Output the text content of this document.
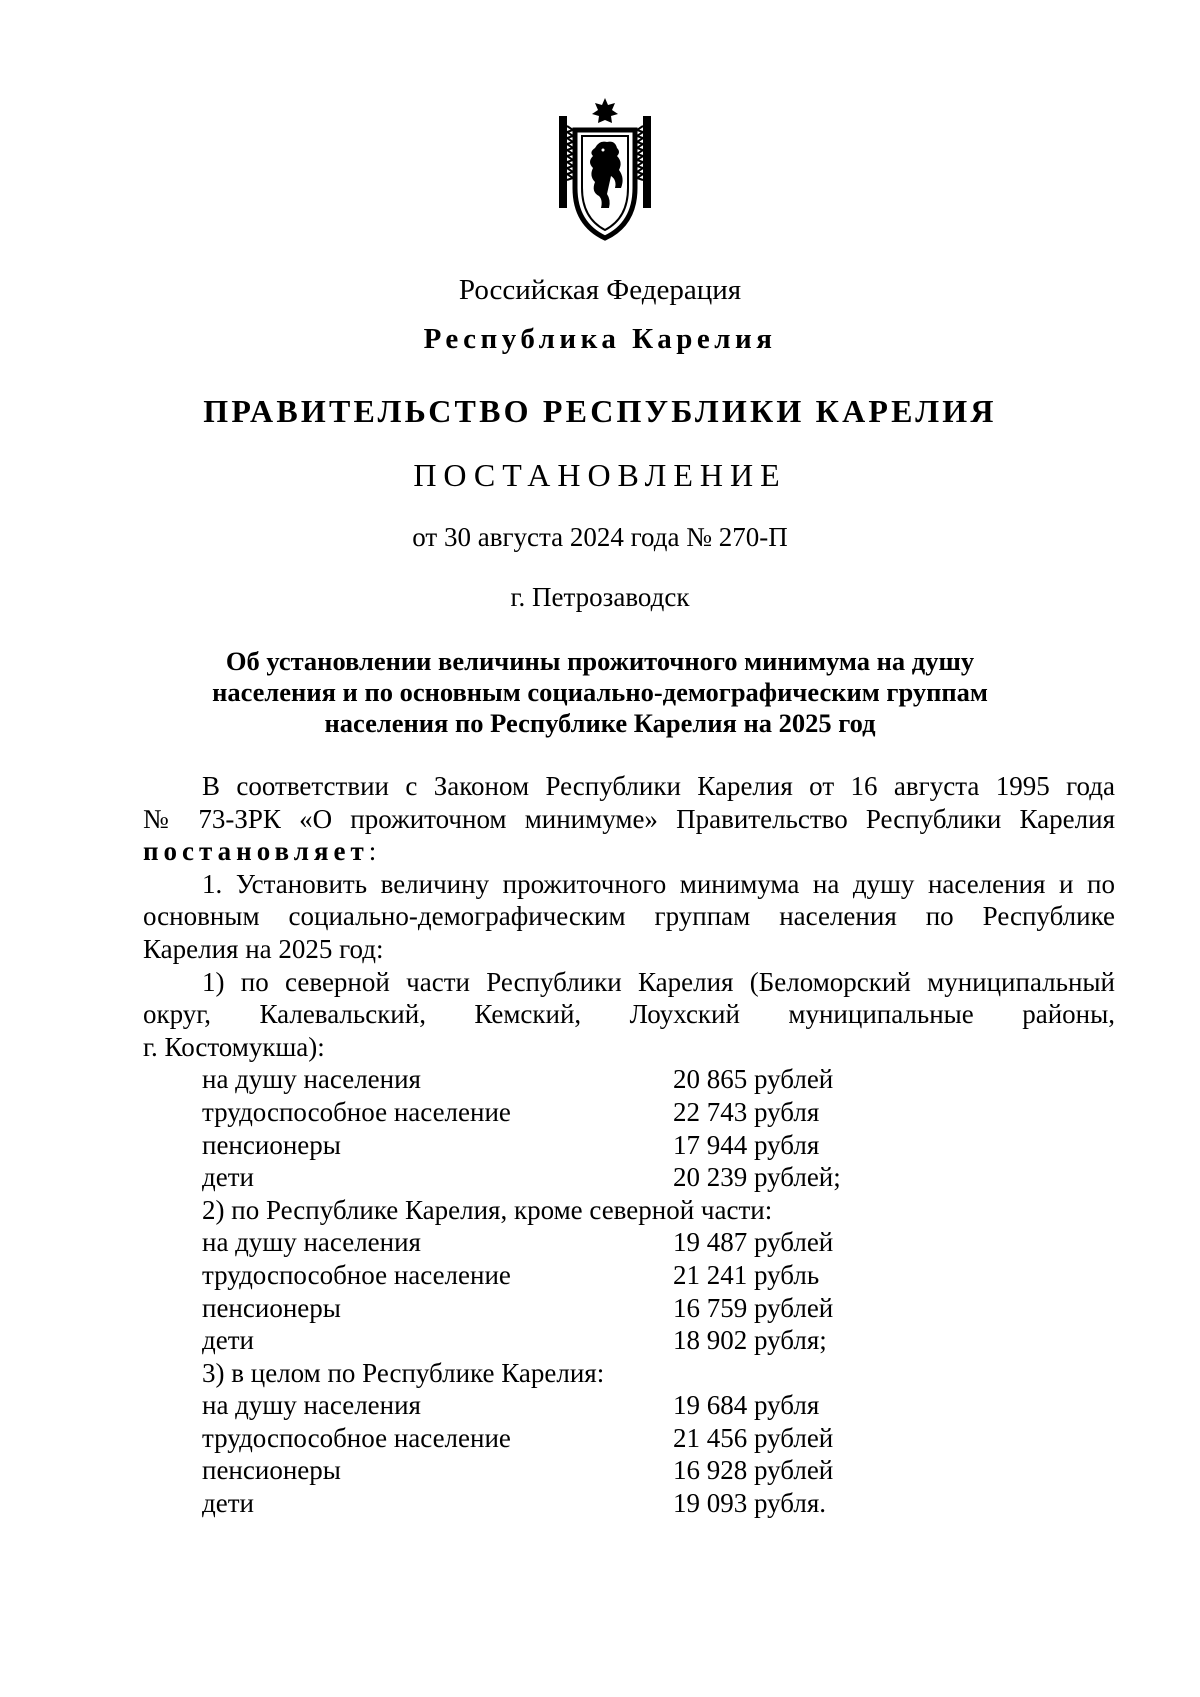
Российская Федерация
Республика Карелия
ПРАВИТЕЛЬСТВО РЕСПУБЛИКИ КАРЕЛИЯ
ПОСТАНОВЛЕНИЕ
от 30 августа 2024 года № 270-П
г. Петрозаводск
Об установлении величины прожиточного минимума на душу
населения и по основным социально-демографическим группам
населения по Республике Карелия на 2025 год
В соответствии с Законом Республики Карелия от 16 августа 1995 года
№ 73-ЗРК «О прожиточном минимуме» Правительство Республики Карелия
постановляет:
1. Установить величину прожиточного минимума на душу населения и по
основным социально-демографическим группам населения по Республике
Карелия на 2025 год:
1) по северной части Республики Карелия (Беломорский муниципальный
округ, Калевальский, Кемский, Лоухский муниципальные районы,
г. Костомукша):
на душу населения	20 865 рублей
трудоспособное население	22 743 рубля
пенсионеры	17 944 рубля
дети	20 239 рублей;
2) по Республике Карелия, кроме северной части:
на душу населения	19 487 рублей
трудоспособное население	21 241 рубль
пенсионеры	16 759 рублей
дети	18 902 рубля;
3) в целом по Республике Карелия:
на душу населения	19 684 рубля
трудоспособное население	21 456 рублей
пенсионеры	16 928 рублей
дети	19 093 рубля.
